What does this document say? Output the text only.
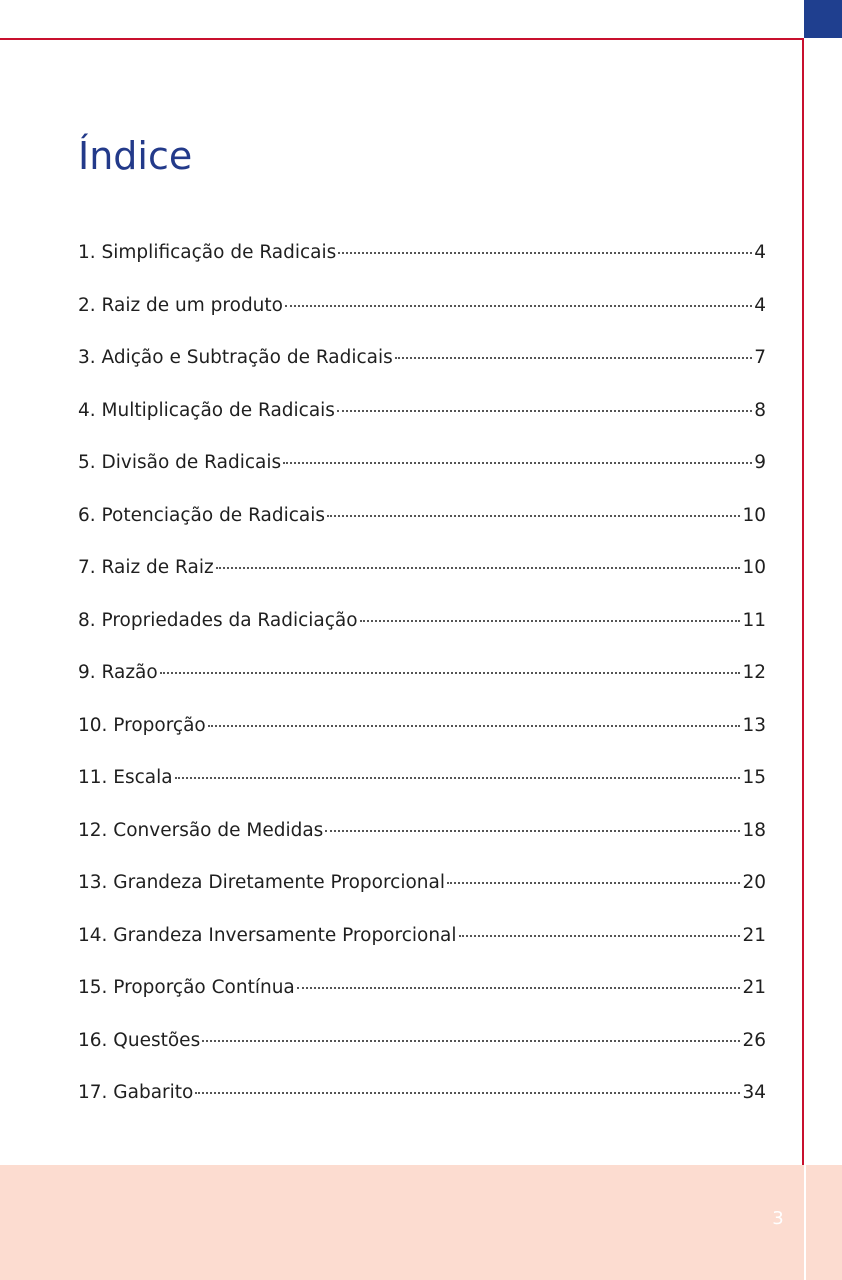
Índice
1. Simplificação de Radicais	4
2. Raiz de um produto	4
3. Adição e Subtração de Radicais	7
4. Multiplicação de Radicais	8
5. Divisão de Radicais	9
6. Potenciação de Radicais	10
7. Raiz de Raiz	10
8. Propriedades da Radiciação	11
9. Razão	12
10. Proporção	13
11. Escala	15
12. Conversão de Medidas	18
13. Grandeza Diretamente Proporcional	20
14. Grandeza Inversamente Proporcional	21
15. Proporção Contínua	21
16. Questões	26
17. Gabarito	34
3
